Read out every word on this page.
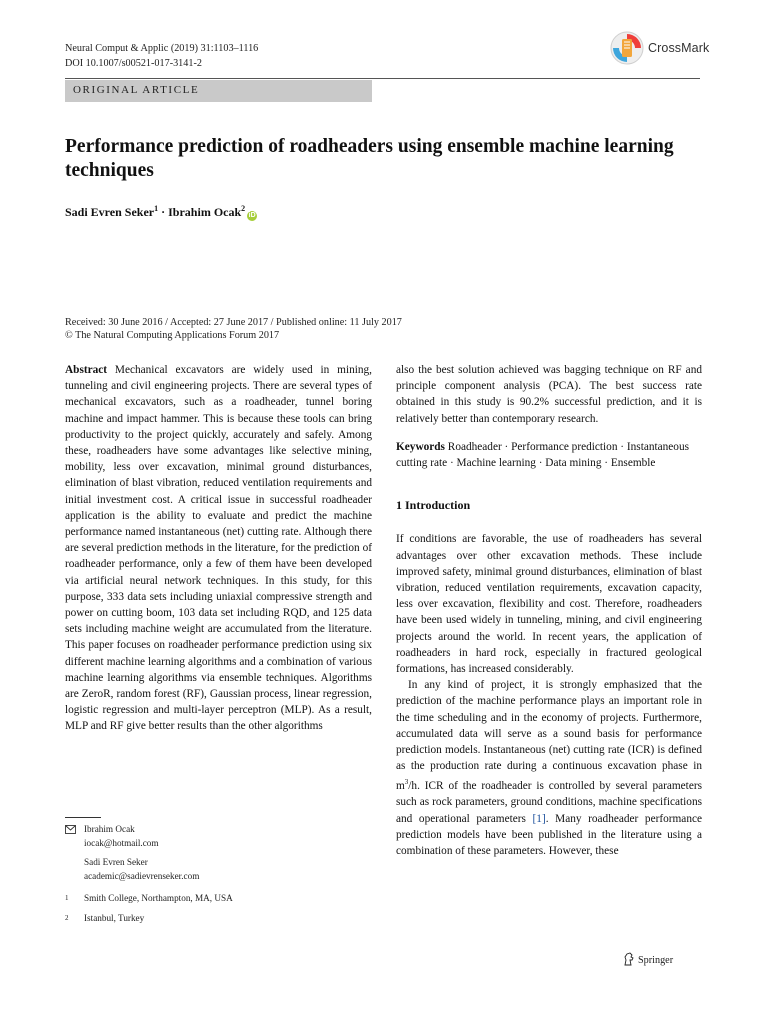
Neural Comput & Applic (2019) 31:1103–1116
DOI 10.1007/s00521-017-3141-2
CrossMark
ORIGINAL ARTICLE
Performance prediction of roadheaders using ensemble machine learning techniques
Sadi Evren Seker$^1$ · Ibrahim Ocak$^2$iD
Received: 30 June 2016 / Accepted: 27 June 2017 / Published online: 11 July 2017
© The Natural Computing Applications Forum 2017

Abstract Mechanical excavators are widely used in mining, tunneling and civil engineering projects. There are several types of mechanical excavators, such as a roadheader, tunnel boring machine and impact hammer. This is because these tools can bring productivity to the project quickly, accurately and safely. Among these, roadheaders have some advantages like selective mining, mobility, less over excavation, minimal ground disturbances, elimination of blast vibration, reduced ventilation requirements and initial investment cost. A critical issue in successful roadheader application is the ability to evaluate and predict the machine performance named instantaneous (net) cutting rate. Although there are several prediction methods in the literature, for the prediction of roadheader performance, only a few of them have been developed via artificial neural network techniques. In this study, for this purpose, 333 data sets including uniaxial compressive strength and power on cutting boom, 103 data set including RQD, and 125 data sets including machine weight are accumulated from the literature. This paper focuses on roadheader performance prediction using six different machine learning algorithms and a combination of various machine learning algorithms via ensemble techniques. Algorithms are ZeroR, random forest (RF), Gaussian process, linear regression, logistic regression and multi-layer perceptron (MLP). As a result, MLP and RF give better results than the other algorithms

also the best solution achieved was bagging technique on RF and principle component analysis (PCA). The best success rate obtained in this study is 90.2% successful prediction, and it is relatively better than contemporary research.

Keywords Roadheader · Performance prediction · Instantaneous cutting rate · Machine learning · Data mining · Ensemble

1 Introduction

If conditions are favorable, the use of roadheaders has several advantages over other excavation methods. These include improved safety, minimal ground disturbances, elimination of blast vibration, reduced ventilation requirements, excavation capacity, less over excavation, flexibility and cost. Therefore, roadheaders have been used widely in tunneling, mining, and civil engineering projects around the world. In recent years, the application of roadheaders in hard rock, especially in fractured geological formations, has increased considerably.

In any kind of project, it is strongly emphasized that the prediction of the machine performance plays an important role in the time scheduling and in the economy of projects. Furthermore, accumulated data will serve as a sound basis for performance prediction models. Instantaneous (net) cutting rate (ICR) is defined as the production rate during a continuous excavation phase in $m^3/h$. ICR of the roadheader is controlled by several parameters such as rock parameters, ground conditions, machine specifications and operational parameters [1]. Many roadheader performance prediction models have been published in the literature using a combination of these parameters. However, these

Ibrahim Ocak
iocak@hotmail.com
Sadi Evren Seker
academic@sadievrenseker.com
1 Smith College, Northampton, MA, USA
2 Istanbul, Turkey
Springer
